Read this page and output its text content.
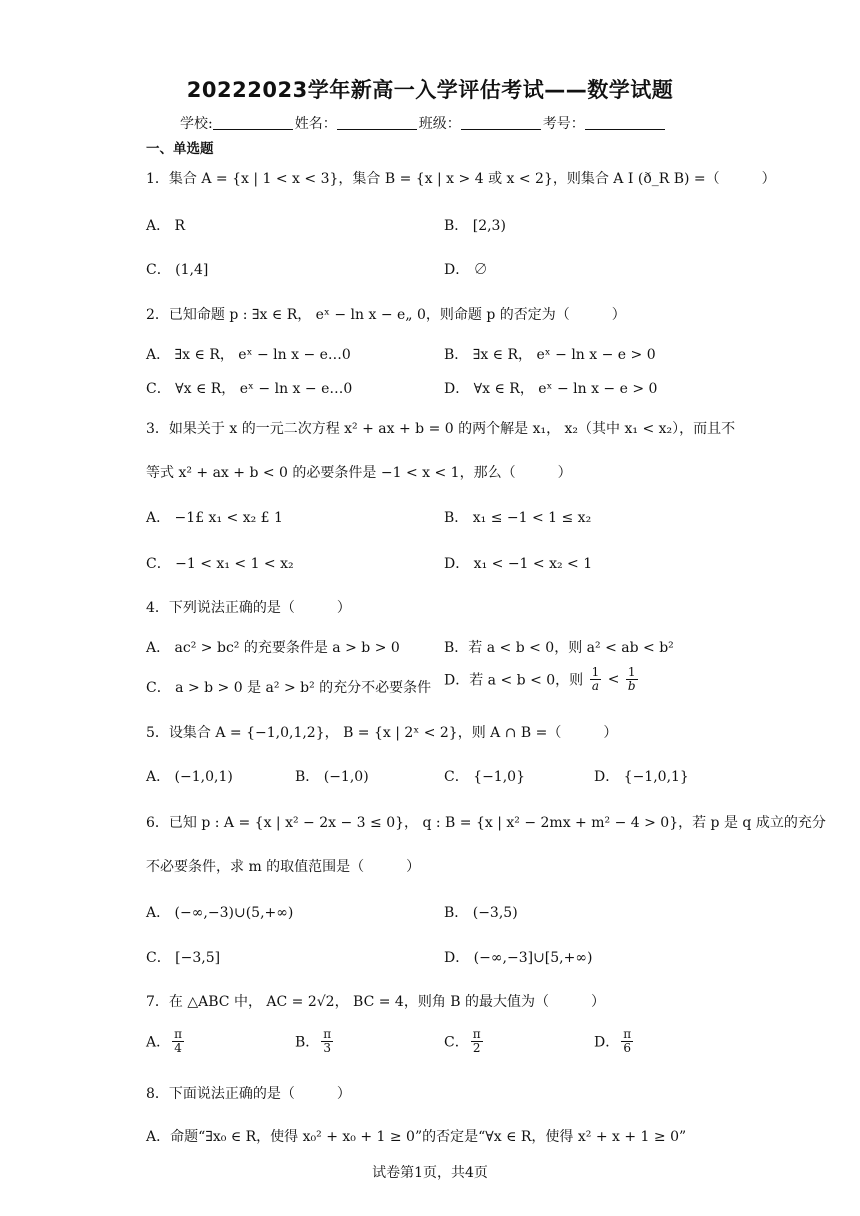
20222023学年新高一入学评估考试——数学试题
学校:	姓名：	班级：	考号：
一、单选题
1．集合 A = {x | 1 < x < 3}，集合 B = {x | x > 4 或 x < 2}，则集合 A Ι (ð_R B) =（　　　）
A． R	B． [2,3)
C． (1,4]	D． ∅
2．已知命题 p : ∃x ∈ R， eˣ − ln x − e„ 0，则命题 p 的否定为（　　　）
A． ∃x ∈ R， eˣ − ln x − e…0	B． ∃x ∈ R， eˣ − ln x − e > 0
C． ∀x ∈ R， eˣ − ln x − e…0	D． ∀x ∈ R， eˣ − ln x − e > 0
3．如果关于 x 的一元二次方程 x² + ax + b = 0 的两个解是 x₁， x₂（其中 x₁ < x₂），而且不
等式 x² + ax + b < 0 的必要条件是 −1 < x < 1，那么（　　　）
A． −1£ x₁ < x₂ £ 1	B． x₁ ≤ −1 < 1 ≤ x₂
C． −1 < x₁ < 1 < x₂	D． x₁ < −1 < x₂ < 1
4．下列说法正确的是（　　　）
A． ac² > bc² 的充要条件是 a > b > 0	B．若 a < b < 0，则 a² < ab < b²
C． a > b > 0 是 a² > b² 的充分不必要条件 D．若 a < b < 0，则 $\frac{1}{a} < \frac{1}{b}$
5．设集合 A = {−1,0,1,2}， B = {x | 2ˣ < 2}，则 A ∩ B =（　　　）
A． (−1,0,1)	B． (−1,0)	C． {−1,0}	D． {−1,0,1}
6．已知 p : A = {x | x² − 2x − 3 ≤ 0}， q : B = {x | x² − 2mx + m² − 4 > 0}，若 p 是 q 成立的充分
不必要条件，求 m 的取值范围是（　　　）
A． (−∞,−3)∪(5,+∞)	B． (−3,5)
C． [−3,5]	D． (−∞,−3]∪[5,+∞)
7．在 △ABC 中， AC = 2√2， BC = 4，则角 B 的最大值为（　　　）
A． $\frac{\pi}{4}$	B． $\frac{\pi}{3}$	C． $\frac{\pi}{2}$	D． $\frac{\pi}{6}$
8．下面说法正确的是（　　　）
A．命题“∃x₀ ∈ R，使得 x₀² + x₀ + 1 ≥ 0”的否定是“∀x ∈ R，使得 x² + x + 1 ≥ 0”
试卷第1页，共4页
